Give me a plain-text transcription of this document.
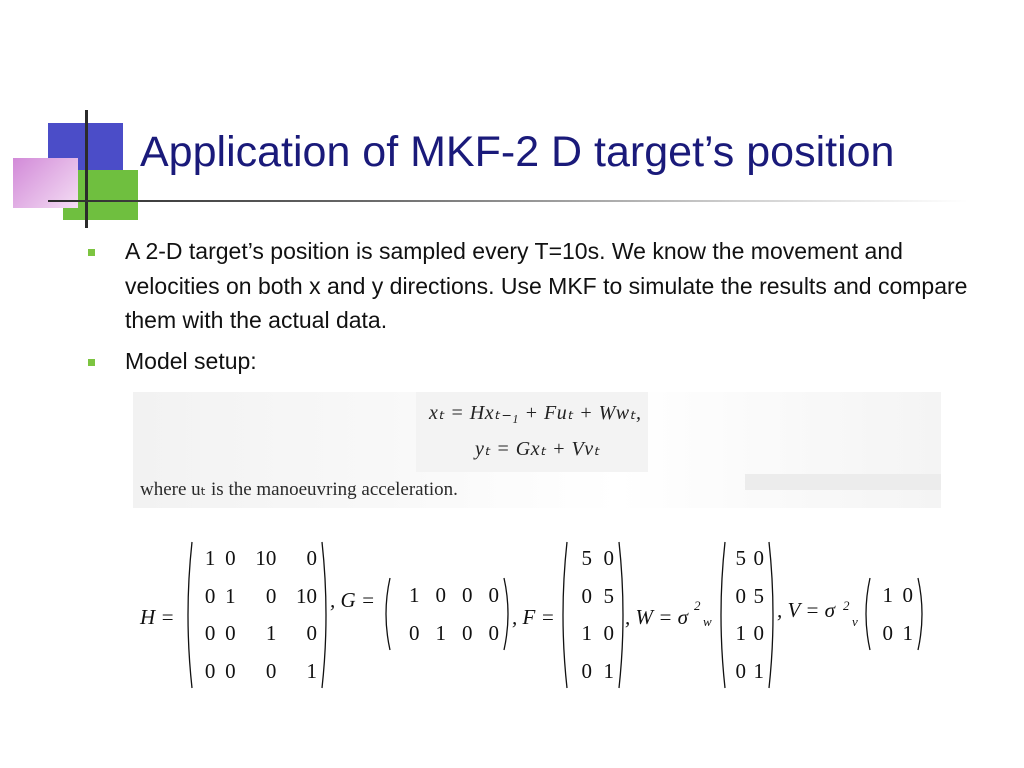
Application of MKF-2 D target’s position
A 2-D target’s position is sampled every T=10s. We know the movement and velocities on both x and y directions. Use MKF to simulate the results and compare them with the actual data.
Model setup:
xₜ = Hxₜ₋₁ + Fuₜ + Wwₜ,
yₜ = Gxₜ + Vvₜ
where uₜ is the manoeuvring acceleration.
H =
1	0	10	0
0	1	0	10
0	0	1	0
0	0	0	1
, G = 1	0	0	0
0	1	0	0
, F =
5	0
0	5
1	0
0	1
, W = σ 2
w
5	0
0	5
1	0
0	1
, V = σ 2
v
1	0
0	1
